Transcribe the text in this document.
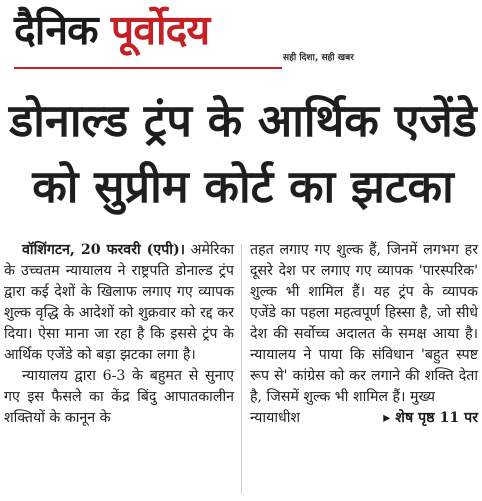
दैनिक पूर्वोदय
सही दिशा, सही खबर
डोनाल्ड ट्रंप के आर्थिक एजेंडे
को सुप्रीम कोर्ट का झटका

वॉशिंगटन, 20 फरवरी (एपी)। अमेरिका के उच्चतम न्यायालय ने राष्ट्रपति डोनाल्ड ट्रंप द्वारा कई देशों के खिलाफ लगाए गए व्यापक शुल्क वृद्धि के आदेशों को शुक्रवार को रद्द कर दिया। ऐसा माना जा रहा है कि इससे ट्रंप के आर्थिक एजेंडे को बड़ा झटका लगा है।

न्यायालय द्वारा 6-3 के बहुमत से सुनाए गए इस फैसले का केंद्र बिंदु आपातकालीन शक्तियों के कानून के

तहत लगाए गए शुल्क हैं, जिनमें लगभग हर दूसरे देश पर लगाए गए व्यापक 'पारस्परिक' शुल्क भी शामिल हैं। यह ट्रंप के व्यापक एजेंडे का पहला महत्वपूर्ण हिस्सा है, जो सीधे देश की सर्वोच्च अदालत के समक्ष आया है। न्यायालय ने पाया कि संविधान 'बहुत स्पष्ट रूप से' कांग्रेस को कर लगाने की शक्ति देता है, जिसमें शुल्क भी शामिल हैं। मुख्य

न्यायाधीश	▸ शेष पृष्ठ 11 पर
